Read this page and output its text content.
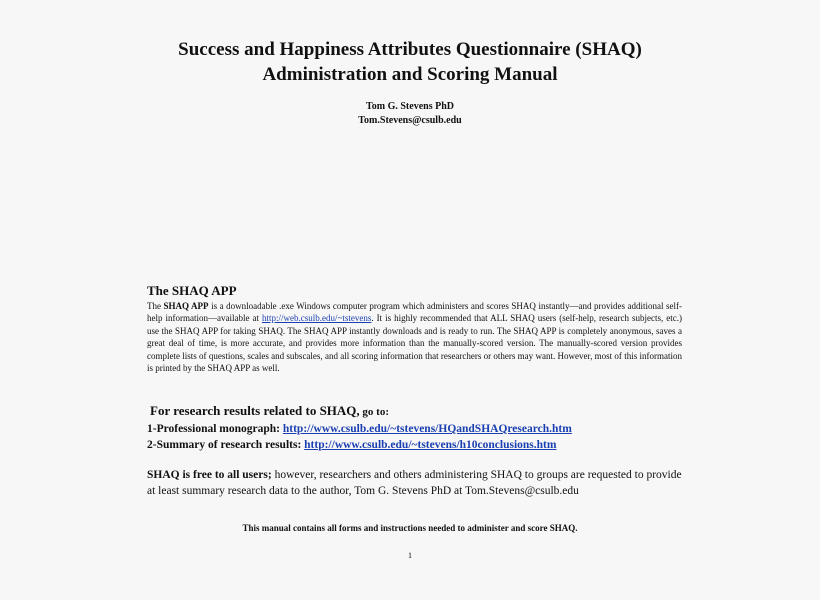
Success and Happiness Attributes Questionnaire (SHAQ)
Administration and Scoring Manual
Tom G. Stevens PhD
Tom.Stevens@csulb.edu
The SHAQ APP
The SHAQ APP is a downloadable .exe Windows computer program which administers and scores SHAQ instantly—and provides additional self-help information—available at http://web.csulb.edu/~tstevens. It is highly recommended that ALL SHAQ users (self-help, research subjects, etc.) use the SHAQ APP for taking SHAQ. The SHAQ APP instantly downloads and is ready to run. The SHAQ APP is completely anonymous, saves a great deal of time, is more accurate, and provides more information than the manually-scored version. The manually-scored version provides complete lists of questions, scales and subscales, and all scoring information that researchers or others may want. However, most of this information is printed by the SHAQ APP as well.
For research results related to SHAQ, go to:
1-Professional monograph: http://www.csulb.edu/~tstevens/HQandSHAQresearch.htm
2-Summary of research results: http://www.csulb.edu/~tstevens/h10conclusions.htm
SHAQ is free to all users; however, researchers and others administering SHAQ to groups are requested to provide at least summary research data to the author, Tom G. Stevens PhD at Tom.Stevens@csulb.edu
This manual contains all forms and instructions needed to administer and score SHAQ.
1
